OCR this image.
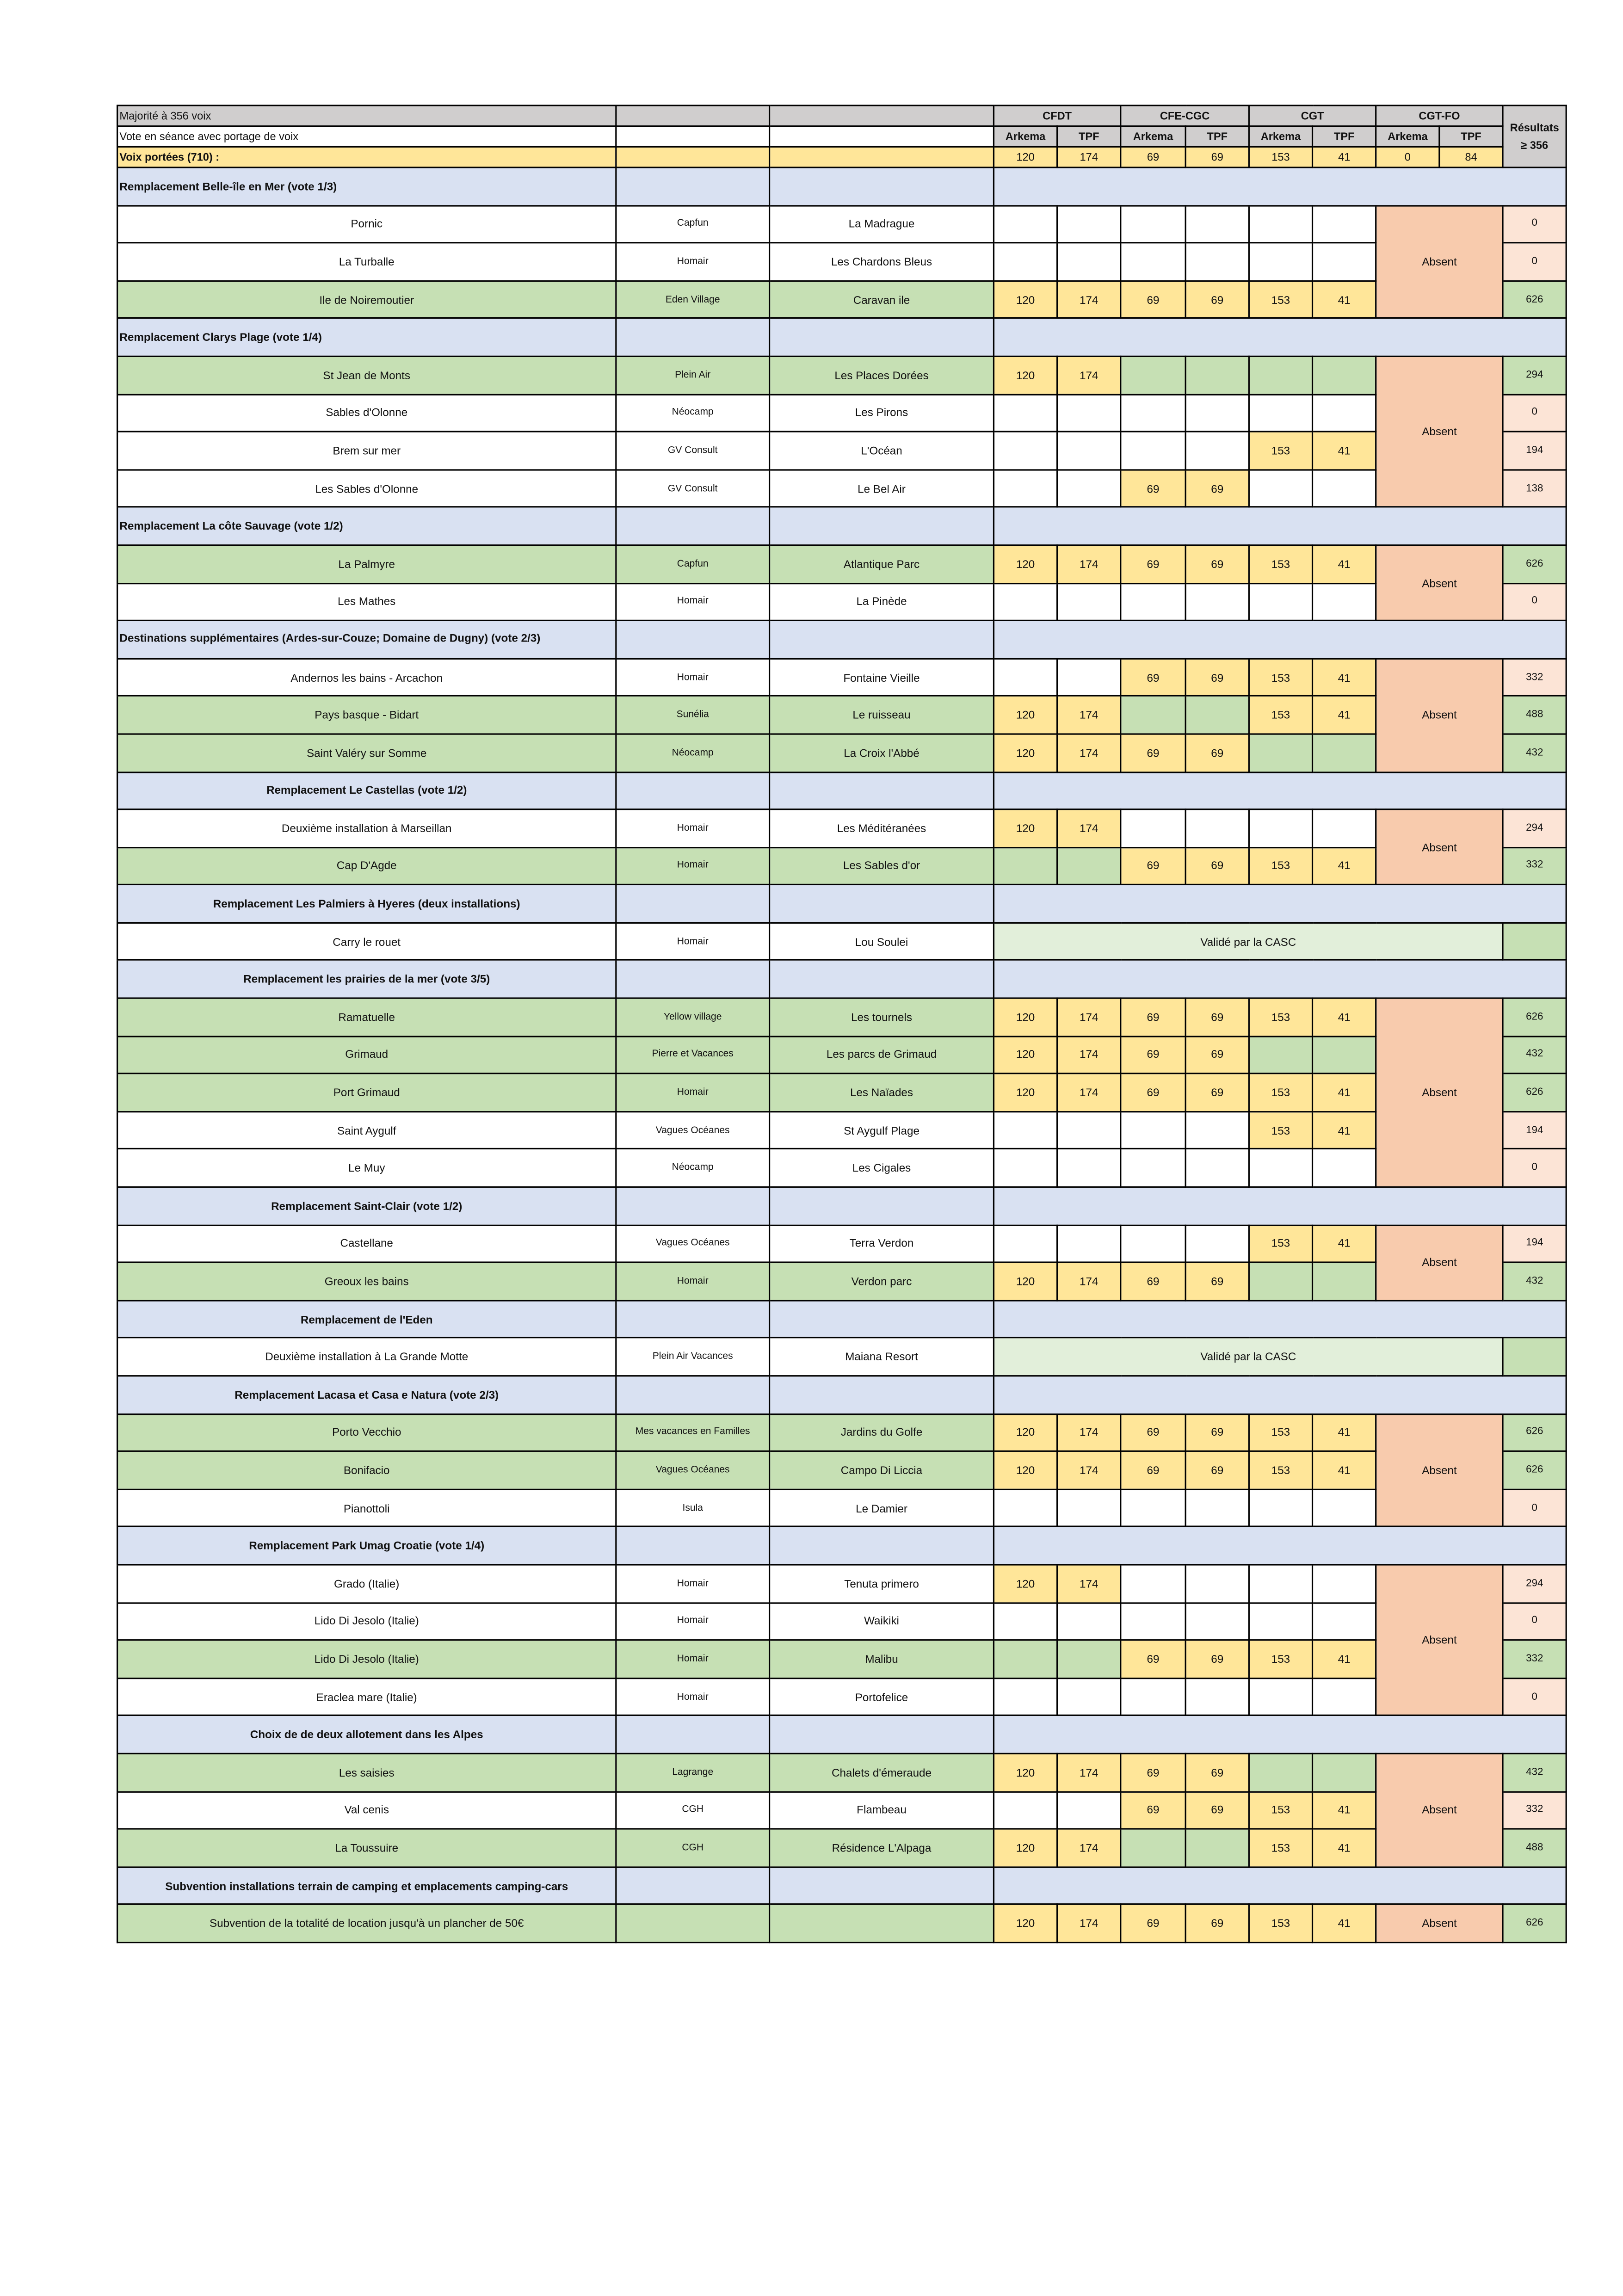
Majorité à 356 voix			CFDT		CFE-CGC		CGT		CGT-FO		Résultats
≥ 356
Vote en séance avec portage de voix			Arkema	TPF	Arkema	TPF	Arkema	TPF	Arkema	TPF	
Voix portées (710) :			120	174	69	69	153	41	0	84	
Remplacement Belle-île en Mer (vote 1/3)											
Pornic	Capfun	La Madrague							Absent		0
La Turballe	Homair	Les Chardons Bleus									0
Ile de Noiremoutier	Eden Village	Caravan ile	120	174	69	69	153	41			626
Remplacement Clarys Plage (vote 1/4)											
St Jean de Monts	Plein Air	Les Places Dorées	120	174					Absent		294
Sables d'Olonne	Néocamp	Les Pirons									0
Brem sur mer	GV Consult	L'Océan					153	41			194
Les Sables d'Olonne	GV Consult	Le Bel Air			69	69					138
Remplacement La côte Sauvage (vote 1/2)											
La Palmyre	Capfun	Atlantique Parc	120	174	69	69	153	41	Absent		626
Les Mathes	Homair	La Pinède									0
Destinations supplémentaires (Ardes-sur-Couze; Domaine de Dugny) (vote 2/3)											
Andernos les bains - Arcachon	Homair	Fontaine Vieille			69	69	153	41	Absent		332
Pays basque - Bidart	Sunélia	Le ruisseau	120	174			153	41			488
Saint Valéry sur Somme	Néocamp	La Croix l'Abbé	120	174	69	69					432
Remplacement Le Castellas (vote 1/2)											
Deuxième installation à Marseillan	Homair	Les Méditéranées	120	174					Absent		294
Cap D'Agde	Homair	Les Sables d'or			69	69	153	41			332
Remplacement Les Palmiers à Hyeres (deux installations)											
Carry le rouet	Homair	Lou Soulei	Validé par la CASC								
Remplacement les prairies de la mer (vote 3/5)											
Ramatuelle	Yellow village	Les tournels	120	174	69	69	153	41	Absent		626
Grimaud	Pierre et Vacances	Les parcs de Grimaud	120	174	69	69					432
Port Grimaud	Homair	Les Naïades	120	174	69	69	153	41			626
Saint Aygulf	Vagues Océanes	St Aygulf Plage					153	41			194
Le Muy	Néocamp	Les Cigales									0
Remplacement Saint-Clair (vote 1/2)											
Castellane	Vagues Océanes	Terra Verdon					153	41	Absent		194
Greoux les bains	Homair	Verdon parc	120	174	69	69					432
Remplacement de l'Eden											
Deuxième installation à La Grande Motte	Plein Air Vacances	Maiana Resort	Validé par la CASC								
Remplacement Lacasa et Casa e Natura (vote 2/3)											
Porto Vecchio	Mes vacances en Familles	Jardins du Golfe	120	174	69	69	153	41	Absent		626
Bonifacio	Vagues Océanes	Campo Di Liccia	120	174	69	69	153	41			626
Pianottoli	Isula	Le Damier									0
Remplacement Park Umag Croatie (vote 1/4)											
Grado (Italie)	Homair	Tenuta primero	120	174					Absent		294
Lido Di Jesolo (Italie)	Homair	Waikiki									0
Lido Di Jesolo (Italie)	Homair	Malibu			69	69	153	41			332
Eraclea mare (Italie)	Homair	Portofelice									0
Choix de de deux allotement dans les Alpes											
Les saisies	Lagrange	Chalets d'émeraude	120	174	69	69			Absent		432
Val cenis	CGH	Flambeau			69	69	153	41			332
La Toussuire	CGH	Résidence L'Alpaga	120	174			153	41			488
Subvention installations terrain de camping et emplacements camping-cars											
Subvention de la totalité de location jusqu'à un plancher de 50€			120	174	69	69	153	41	Absent		626
